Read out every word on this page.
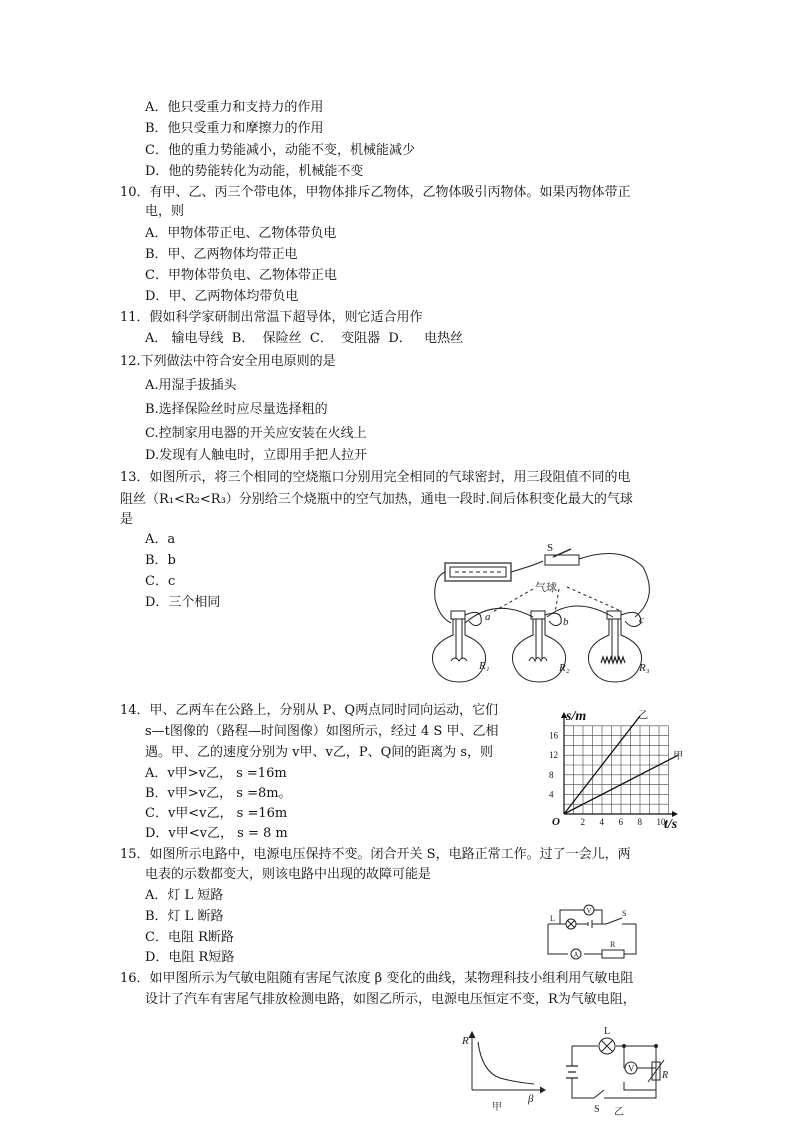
A．他只受重力和支持力的作用
B．他只受重力和摩擦力的作用
C．他的重力势能减小，动能不变，机械能减少
D．他的势能转化为动能，机械能不变
10．有甲、乙、丙三个带电体，甲物体排斥乙物体，乙物体吸引丙物体。如果丙物体带正
电，则
A．甲物体带正电、乙物体带负电
B．甲、乙两物体均带正电
C．甲物体带负电、乙物体带正电
D．甲、乙两物体均带负电
11．假如科学家研制出常温下超导体，则它适合用作
A． 输电导线  B．  保险丝  C．  变阻器  D．   电热丝
12.下列做法中符合安全用电原则的是
A.用湿手拔插头
B.选择保险丝时应尽量选择粗的
C.控制家用电器的开关应安装在火线上
D.发现有人触电时，立即用手把人拉开
13．如图所示，将三个相同的空烧瓶口分别用完全相同的气球密封，用三段阻值不同的电
阻丝（R₁<R₂<R₃）分别给三个烧瓶中的空气加热，通电一段时.间后体积变化最大的气球
是
A．a
B．b
C．c
D．三个相同
S
气球
a	b	c
R₁	R₂	R₃
14．甲、乙两车在公路上，分别从 P、Q两点同时同向运动，它们
s—t图像的（路程—时间图像）如图所示，经过 4 S 甲、乙相
遇。甲、乙的速度分别为 v甲、v乙，P、Q间的距离为 s，则
A．v甲>v乙， s =16m
B．v甲>v乙， s =8m。
C．v甲<v乙， s =16m
D．v甲<v乙， s = 8 m
2 4 6 8 10
4
8
12
16
O
s/m
t/s
乙
甲
15．如图所示电路中，电源电压保持不变。闭合开关 S，电路正常工作。过了一会儿，两
电表的示数都变大，则该电路中出现的故障可能是
A．灯 L 短路
B．灯 L 断路
C．电阻 R断路
D．电阻 R短路
L
V	S
A
R
16．如甲图所示为气敏电阻随有害尾气浓度 β 变化的曲线，某物理科技小组利用气敏电阻
设计了汽车有害尾气排放检测电路，如图乙所示，电源电压恒定不变，R为气敏电阻，
R
β
甲
L
V
R
S 乙
